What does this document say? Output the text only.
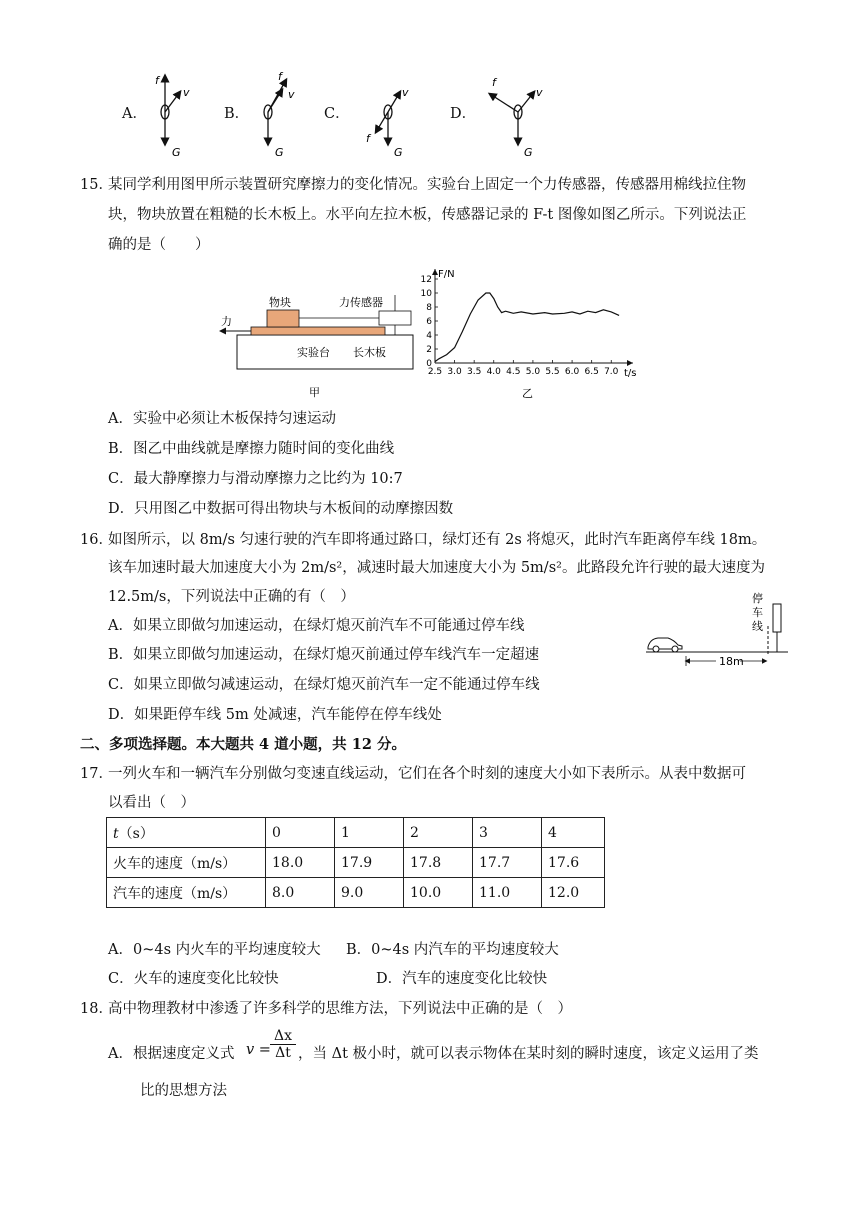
A．
f
v
G
B．
f
v
G
C．
v
f
G
D．
f
v
G
15．
某同学利用图甲所示装置研究摩擦力的变化情况。实验台上固定一个力传感器，传感器用棉线拉住物
块，物块放置在粗糙的长木板上。水平向左拉木板，传感器记录的 F-t 图像如图乙所示。下列说法正
确的是（　　）
物块	力传感器
力
实验台 长木板
甲
0
2
4
6
8
10
12
2.5 3.0 3.5 4.0 4.5 5.0 5.5 6.0 6.5 7.0
F/N
t/s
乙
A．实验中必须让木板保持匀速运动
B．图乙中曲线就是摩擦力随时间的变化曲线
C．最大静摩擦力与滑动摩擦力之比约为 10:7
D．只用图乙中数据可得出物块与木板间的动摩擦因数
16．
如图所示，以 8m/s 匀速行驶的汽车即将通过路口，绿灯还有 2s 将熄灭，此时汽车距离停车线 18m。
该车加速时最大加速度大小为 2m/s²，减速时最大加速度大小为 5m/s²。此路段允许行驶的最大速度为
12.5m/s，下列说法中正确的有（　）	停
车
线
18m
A．如果立即做匀加速运动，在绿灯熄灭前汽车不可能通过停车线
B．如果立即做匀加速运动，在绿灯熄灭前通过停车线汽车一定超速
C．如果立即做匀减速运动，在绿灯熄灭前汽车一定不能通过停车线
D．如果距停车线 5m 处减速，汽车能停在停车线处
二、多项选择题。本大题共 4 道小题，共 12 分。
17．
一列火车和一辆汽车分别做匀变速直线运动，它们在各个时刻的速度大小如下表所示。从表中数据可
以看出（　）
t（s）	0	1	2	3	4
火车的速度（m/s）	18.0	17.9	17.8	17.7	17.6
汽车的速度（m/s）	8.0	9.0	10.0	11.0	12.0
A．0~4s 内火车的平均速度较大 B．0~4s 内汽车的平均速度较大
C．火车的速度变化比较快	D．汽车的速度变化比较快
18．
高中物理教材中渗透了许多科学的思维方法，下列说法中正确的是（　）
A．根据速度定义式 $v = \frac{\Delta x}{\Delta t}$ ，当 Δt 极小时，就可以表示物体在某时刻的瞬时速度，该定义运用了类
比的思想方法
